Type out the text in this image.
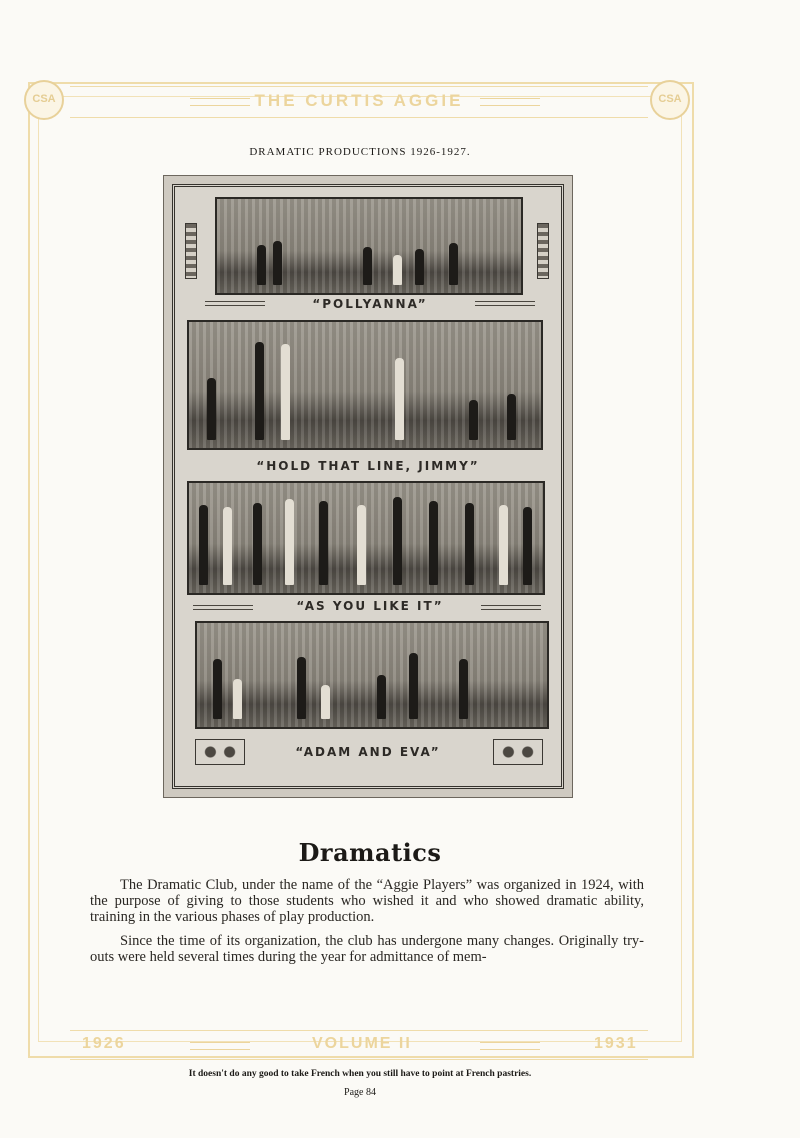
CSA	CSA
THE CURTIS AGGIE
1926	VOLUME II	1931
DRAMATIC PRODUCTIONS 1926-1927.
“POLLYANNA”
“HOLD THAT LINE, JIMMY”
“AS YOU LIKE IT”
“ADAM AND EVA”
Dramatics
The Dramatic Club, under the name of the “Aggie Players” was organized in 1924, with the purpose of giving to those students who wished it and who showed dramatic ability, training in the various phases of play production.
Since the time of its organization, the club has undergone many changes. Originally try-outs were held several times during the year for admittance of mem-
It doesn't do any good to take French when you still have to point at French pastries.
Page 84
